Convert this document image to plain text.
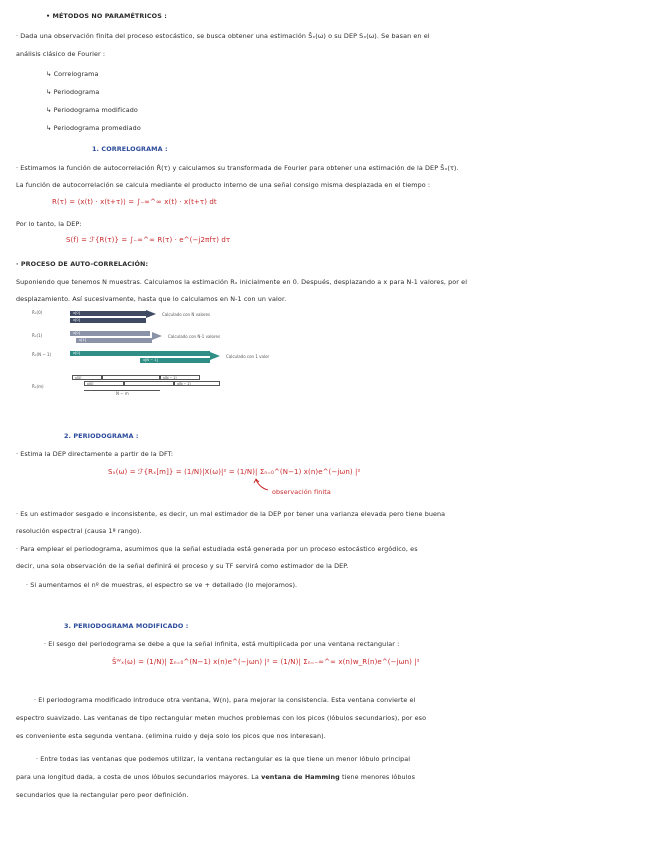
• MÉTODOS NO PARAMÉTRICOS :
· Dada una observación finita del proceso estocástico, se busca obtener una estimación Ŝₓ(ω) o su DEP Sₓ(ω). Se basan en el
análisis clásico de Fourier :
↳ Correlograma
↳ Periodograma
↳ Periodograma modificado
↳ Periodograma promediado
1. CORRELOGRAMA :
· Estimamos la función de autocorrelación R̂(τ) y calculamos su transformada de Fourier para obtener una estimación de la DEP Ŝₓ(τ).
La función de autocorrelación se calcula mediante el producto interno de una señal consigo misma desplazada en el tiempo :
R(τ) = ⟨x(t) · x(t+τ)⟩ = ∫₋∞^∞ x(t) · x(t+τ) dt
Por lo tanto, la DEP:
S(f) = ℱ{R(τ)} = ∫₋∞^∞ R(τ) · e^(−j2πfτ) dτ
· PROCESO DE AUTO-CORRELACIÓN:
Suponiendo que tenemos N muestras. Calculamos la estimación Rₓ inicialmente en 0. Después, desplazando a x para N-1 valores, por el
desplazamiento. Así sucesivamente, hasta que lo calculamos en N-1 con un valor.
R̂ₓ(0)
R̂ₓ(1)
R̂ₓ(N − 1)
R̂ₓ(m)
x[0]
x[0]
Calculado con N valores
x[0]
x[1]
Calculado con N-1 valores
x[0]
x[N − 1]
Calculado con 1 valor
x[0]	x[N − 1]
x[0]	x[N − 1]
N − m
2. PERIODOGRAMA :
· Estima la DEP directamente a partir de la DFT:
Sₓ(ω) = ℱ{Rₓ[m]} = (1/N)|X(ω)|² = (1/N)| Σₙ₌₀^(N−1) x(n)e^(−jωn) |²
observación finita
· Es un estimador sesgado e inconsistente, es decir, un mal estimador de la DEP por tener una varianza elevada pero tiene buena
resolución espectral (causa 1ª rango).
· Para emplear el periodograma, asumimos que la señal estudiada está generada por un proceso estocástico ergódico, es
decir, una sola observación de la señal definirá el proceso y su TF servirá como estimador de la DEP.
· Si aumentamos el nº de muestras, el espectro se ve + detallado (lo mejoramos).
3. PERIODOGRAMA MODIFICADO :
· El sesgo del periodograma se debe a que la señal infinita, está multiplicada por una ventana rectangular :
Ŝᵂₓ(ω) = (1/N)| Σₙ₌₀^(N−1) x(n)e^(−jωn) |² = (1/N)| Σₙ₌₋∞^∞ x(n)w_R(n)e^(−jωn) |²
· El periodograma modificado introduce otra ventana, W(n), para mejorar la consistencia. Esta ventana convierte el
espectro suavizado. Las ventanas de tipo rectangular meten muchos problemas con los picos (lóbulos secundarios), por eso
es conveniente esta segunda ventana. (elimina ruido y deja solo los picos que nos interesan).
· Entre todas las ventanas que podemos utilizar, la ventana rectangular es la que tiene un menor lóbulo principal
para una longitud dada, a costa de unos lóbulos secundarios mayores. La ventana de Hamming tiene menores lóbulos
secundarios que la rectangular pero peor definición.
